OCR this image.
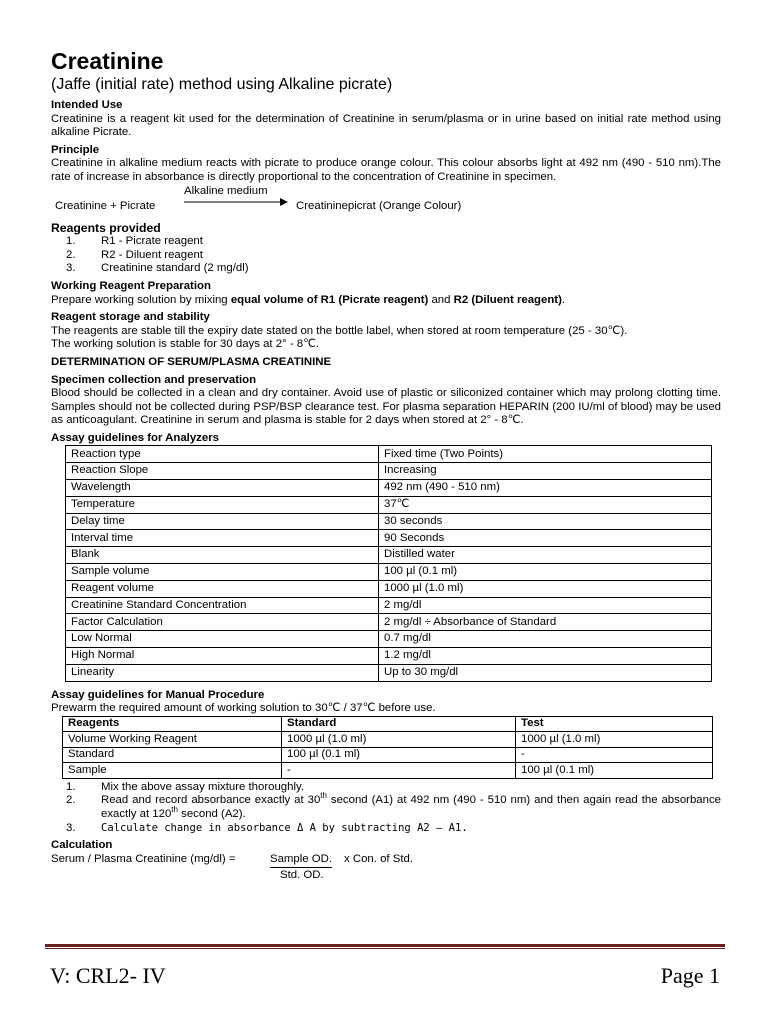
Creatinine
(Jaffe (initial rate) method using Alkaline picrate)
Intended Use

Creatinine is a reagent kit used for the determination of Creatinine in serum/plasma or in urine based on initial rate method using alkaline Picrate.

Principle

Creatinine in alkaline medium reacts with picrate to produce orange colour. This colour absorbs light at 492 nm (490 - 510 nm).The rate of increase in absorbance is directly proportional to the concentration of Creatinine in specimen.

Alkaline medium
Creatinine + Picrate	Creatininepicrat (Orange Colour)
Reagents provided
1.	R1 - Picrate reagent
2.	R2 - Diluent reagent
3.	Creatinine standard (2 mg/dl)
Working Reagent Preparation

Prepare working solution by mixing equal volume of R1 (Picrate reagent) and R2 (Diluent reagent).

Reagent storage and stability

The reagents are stable till the expiry date stated on the bottle label, when stored at room temperature (25 - 30℃).

The working solution is stable for 30 days at 2° - 8℃.

DETERMINATION OF SERUM/PLASMA CREATININE
Specimen collection and preservation

Blood should be collected in a clean and dry container. Avoid use of plastic or siliconized container which may prolong clotting time. Samples should not be collected during PSP/BSP clearance test. For plasma separation HEPARIN (200 IU/ml of blood) may be used as anticoagulant. Creatinine in serum and plasma is stable for 2 days when stored at 2° - 8℃.

Assay guidelines for Analyzers
Reaction type	Fixed time (Two Points)
Reaction Slope	Increasing
Wavelength	492 nm (490 - 510 nm)
Temperature	37℃
Delay time	30 seconds
Interval time	90 Seconds
Blank	Distilled water
Sample volume	100 µl (0.1 ml)
Reagent volume	1000 µl (1.0 ml)
Creatinine Standard Concentration	2 mg/dl
Factor Calculation	2 mg/dl ÷ Absorbance of Standard
Low Normal	0.7 mg/dl
High Normal	1.2 mg/dl
Linearity	Up to 30 mg/dl
Assay guidelines for Manual Procedure

Prewarm the required amount of working solution to 30℃ / 37℃ before use.

Reagents	Standard	Test
Volume Working Reagent	1000 µl (1.0 ml)	1000 µl (1.0 ml)
Standard	100 µl (0.1 ml)	-
Sample	-	100 µl (0.1 ml)
1.	Mix the above assay mixture thoroughly.
2.	Read and record absorbance exactly at 30th second (A1) at 492 nm (490 - 510 nm) and then again read the absorbance exactly at 120th second (A2).
3.	Calculate change in absorbance Δ A by subtracting A2 – A1.
Calculation
Serum / Plasma Creatinine (mg/dl) =	Sample OD. x Con. of Std.
Std. OD.
V: CRL2- IV	Page 1
